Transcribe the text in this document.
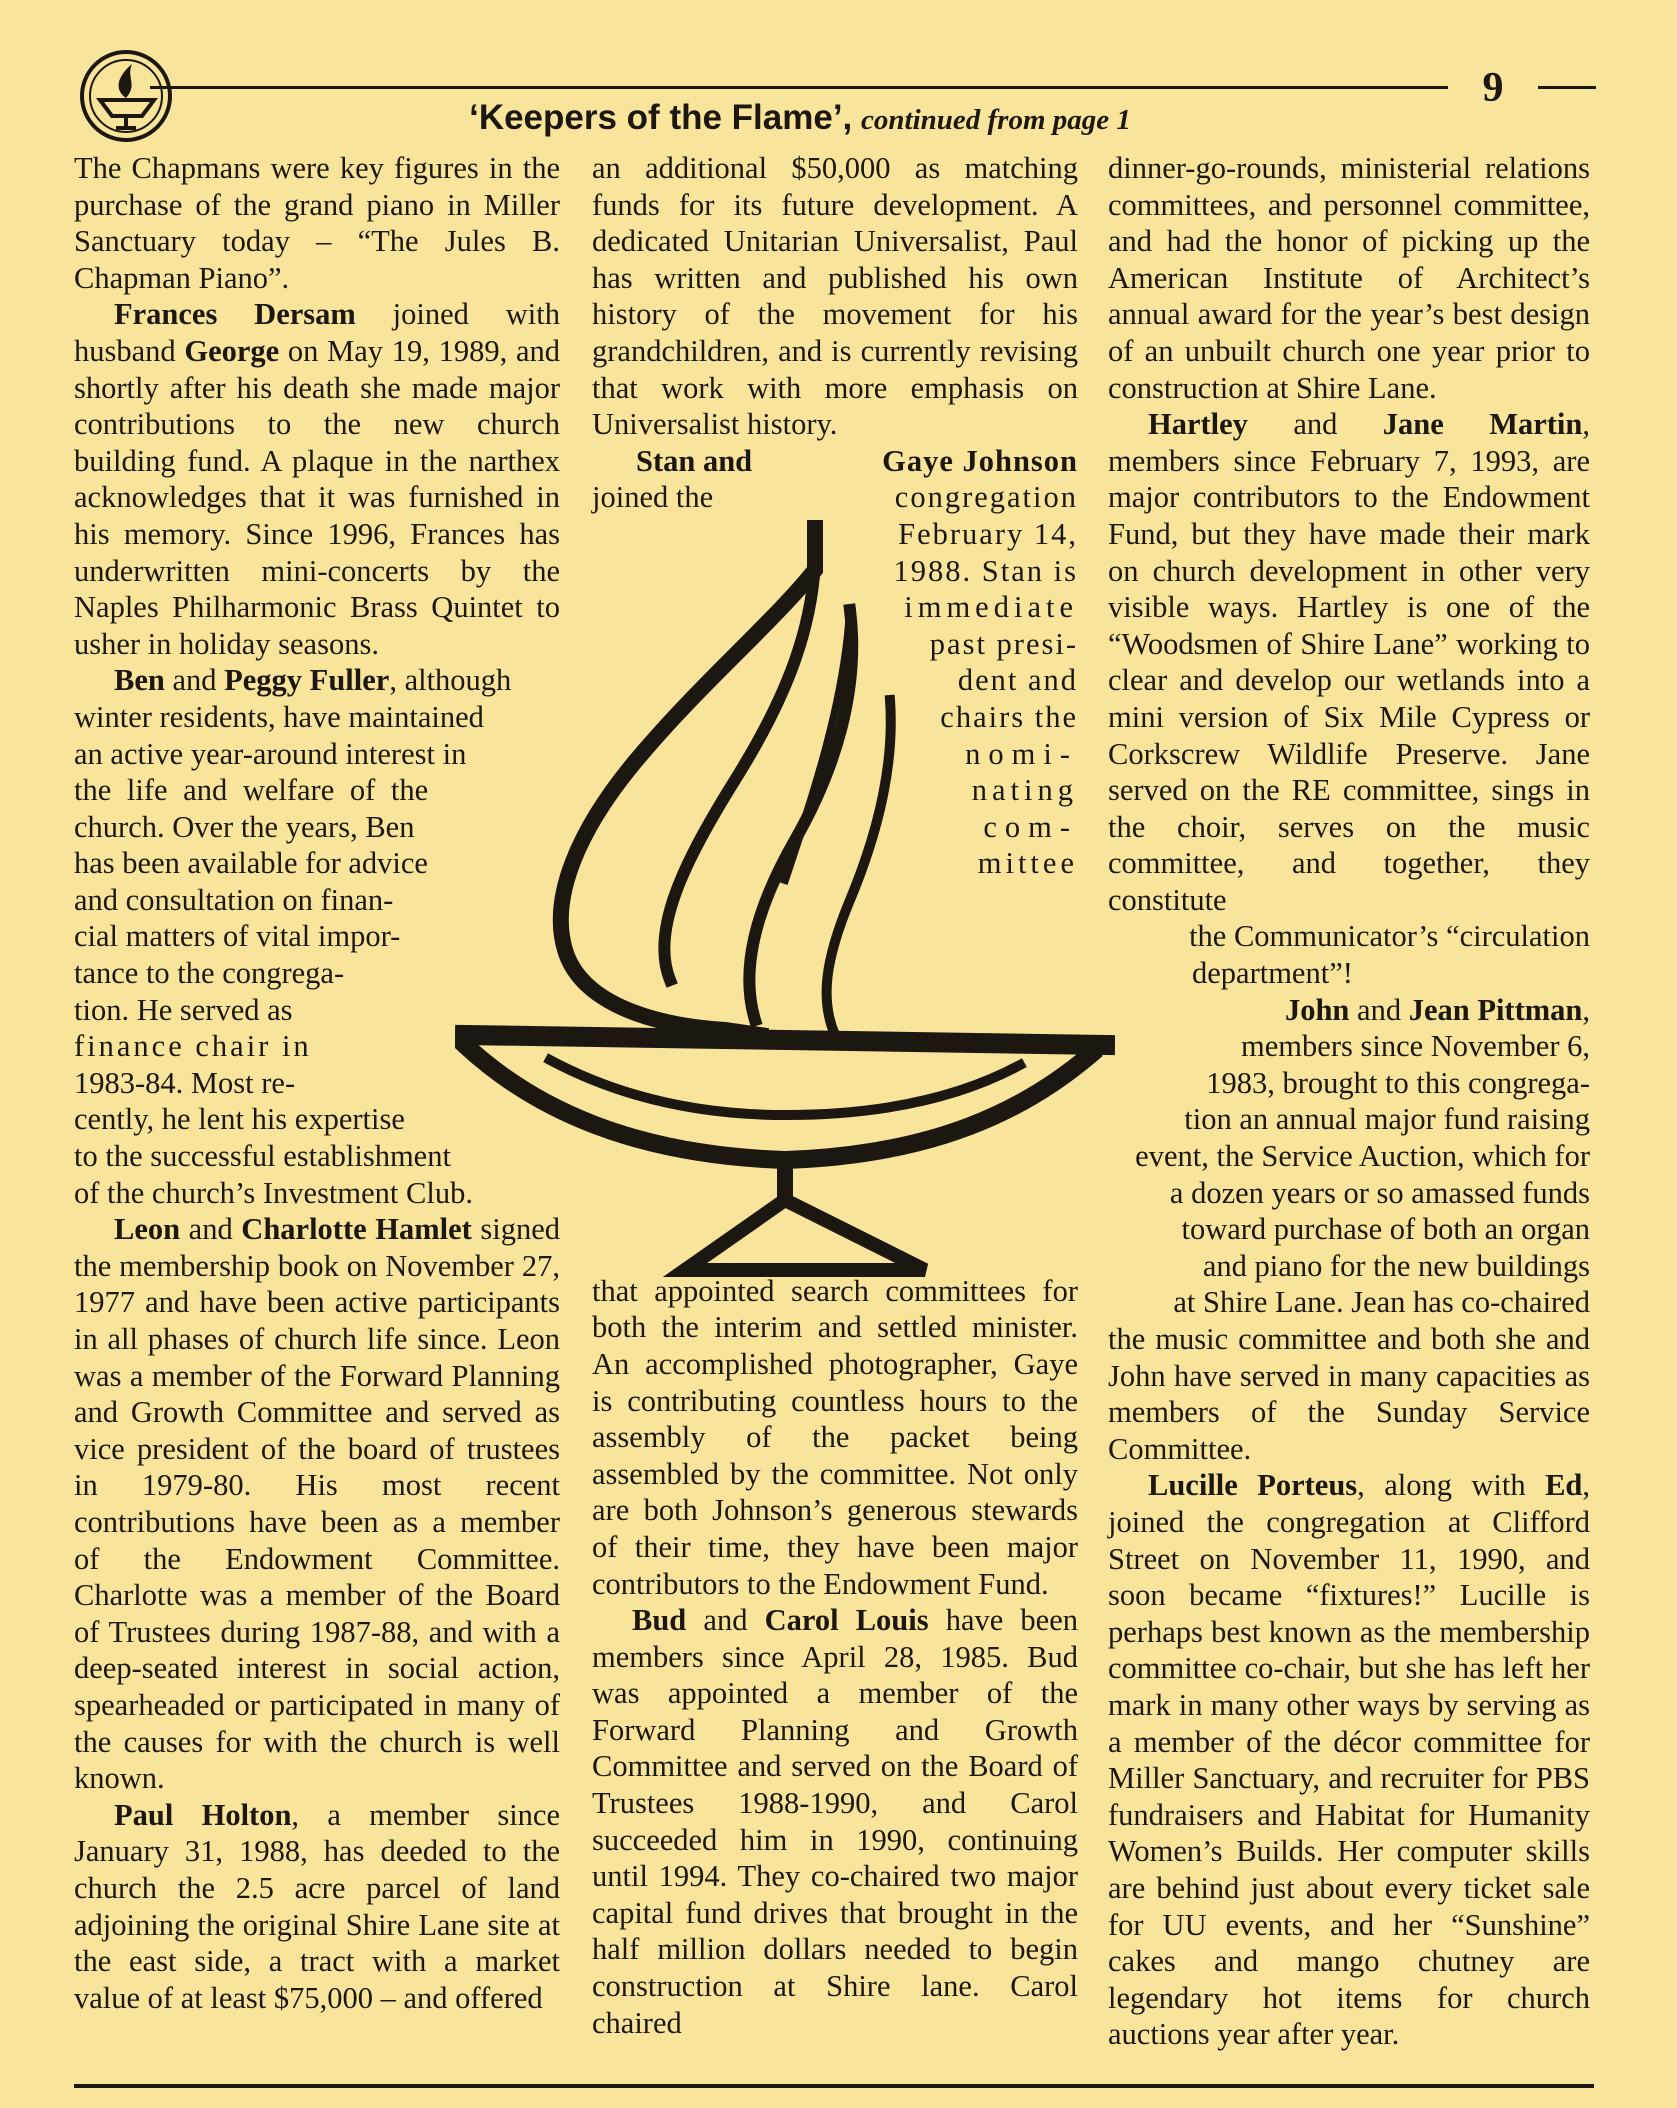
9
‘Keepers of the Flame’, continued from page 1

The Chapmans were key figures in the purchase of the grand piano in Miller Sanctuary today – “The Jules B. Chapman Piano”.

Frances Dersam joined with husband George on May 19, 1989, and shortly after his death she made major contributions to the new church building fund. A plaque in the narthex acknowledges that it was furnished in his memory. Since 1996, Frances has underwritten mini-concerts by the Naples Philharmonic Brass Quintet to usher in holiday seasons.

Ben and Peggy Fuller, although
winter residents, have maintained
an active year-around interest in
the life and welfare of the
church. Over the years, Ben
has been available for advice
and consultation on finan-
cial matters of vital impor-
tance to the congrega-
tion. He served as
finance chair in
1983-84. Most re-
cently, he lent his expertise
to the successful establishment
of the church’s Investment Club.

Leon and Charlotte Hamlet signed the membership book on November 27, 1977 and have been active participants in all phases of church life since. Leon was a member of the Forward Planning and Growth Committee and served as vice president of the board of trustees in 1979-80. His most recent contributions have been as a member of the Endowment Committee. Charlotte was a member of the Board of Trustees during 1987-88, and with a deep-seated interest in social action, spearheaded or participated in many of the causes for with the church is well known.

Paul Holton, a member since January 31, 1988, has deeded to the church the 2.5 acre parcel of land adjoining the original Shire Lane site at the east side, a tract with a market value of at least $75,000 – and offered

an additional $50,000 as matching funds for its future development. A dedicated Unitarian Universalist, Paul has written and published his own history of the movement for his grandchildren, and is currently revising that work with more emphasis on Universalist history.

Stan and
joined the
Gaye Johnson
congregation
February 14,
1988. Stan is
immediate
past presi-
dent and
chairs the
nomi-
nating
com-
mittee

that appointed search committees for both the interim and settled minister. An accomplished photographer, Gaye is contributing countless hours to the assembly of the packet being assembled by the committee. Not only are both Johnson’s generous stewards of their time, they have been major contributors to the Endowment Fund.

Bud and Carol Louis have been members since April 28, 1985. Bud was appointed a member of the Forward Planning and Growth Committee and served on the Board of Trustees 1988-1990, and Carol succeeded him in 1990, continuing until 1994. They co-chaired two major capital fund drives that brought in the half million dollars needed to begin construction at Shire lane. Carol chaired

dinner-go-rounds, ministerial relations committees, and personnel committee, and had the honor of picking up the American Institute of Architect’s annual award for the year’s best design of an unbuilt church one year prior to construction at Shire Lane.

Hartley and Jane Martin, members since February 7, 1993, are major contributors to the Endowment Fund, but they have made their mark on church development in other very visible ways. Hartley is one of the “Woodsmen of Shire Lane” working to clear and develop our wetlands into a mini version of Six Mile Cypress or Corkscrew Wildlife Preserve. Jane served on the RE committee, sings in the choir, serves on the music committee, and together, they constitute

the Communicator’s “circulation
department”!
John and Jean Pittman,
members since November 6,
1983, brought to this congrega-
tion an annual major fund raising
event, the Service Auction, which for
a dozen years or so amassed funds
toward purchase of both an organ
and piano for the new buildings
at Shire Lane. Jean has co-chaired

the music committee and both she and John have served in many capacities as members of the Sunday Service Committee.

Lucille Porteus, along with Ed, joined the congregation at Clifford Street on November 11, 1990, and soon became “fixtures!” Lucille is perhaps best known as the membership committee co-chair, but she has left her mark in many other ways by serving as a member of the décor committee for Miller Sanctuary, and recruiter for PBS fundraisers and Habitat for Humanity Women’s Builds. Her computer skills are behind just about every ticket sale for UU events, and her “Sunshine” cakes and mango chutney are legendary hot items for church auctions year after year.
